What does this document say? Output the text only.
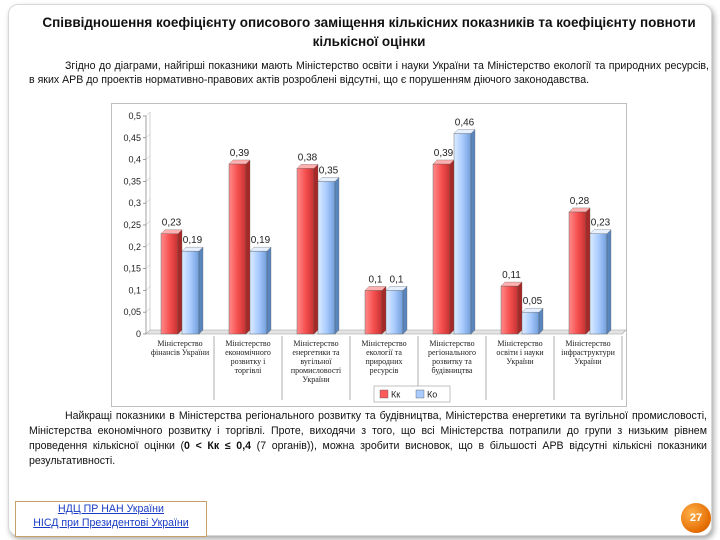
Співвідношення коефіцієнту описового заміщення кількісних показників та коефіцієнту повноти кількісної оцінки
Згідно до діаграми, найгірші показники мають Міністерство освіти і науки України та Міністерство екології та природних ресурсів, в яких АРВ до проектів нормативно-правових актів розроблені відсутні, що є порушенням діючого законодавства.
0
0,05
0,1
0,15
0,2
0,25
0,3
0,35
0,4
0,45
0,5
0,23
0,19
0,39
0,19
0,38
0,35
0,1 0,1
0,39
0,46
0,11
0,05
0,28
0,23
Міністерство
фінансів України
Міністерство
економічного
розвитку і
торгівлі
Міністерство
енергетики та
вугільної
промисловості
України
Міністерство
екології та
природних
ресурсів
Міністерство
регіонального
розвитку та
будівництва
Міністерство
освіти і науки
України
Міністерство
інфраструктури
України
Кк	Ко
Найкращі показники в Міністерства регіонального розвитку та будівництва, Міністерства енергетики та вугільної промисловості, Міністерства економічного розвитку і торгівлі. Проте, виходячи з того, що всі Міністерства потрапили до групи з низьким рівнем проведення кількісної оцінки (0 < Кк ≤ 0,4 (7 органів)), можна зробити висновок, що в більшості АРВ відсутні кількісні показники результативності.
НДЦ ПР НАН України
НІСД при Президентові України	27
